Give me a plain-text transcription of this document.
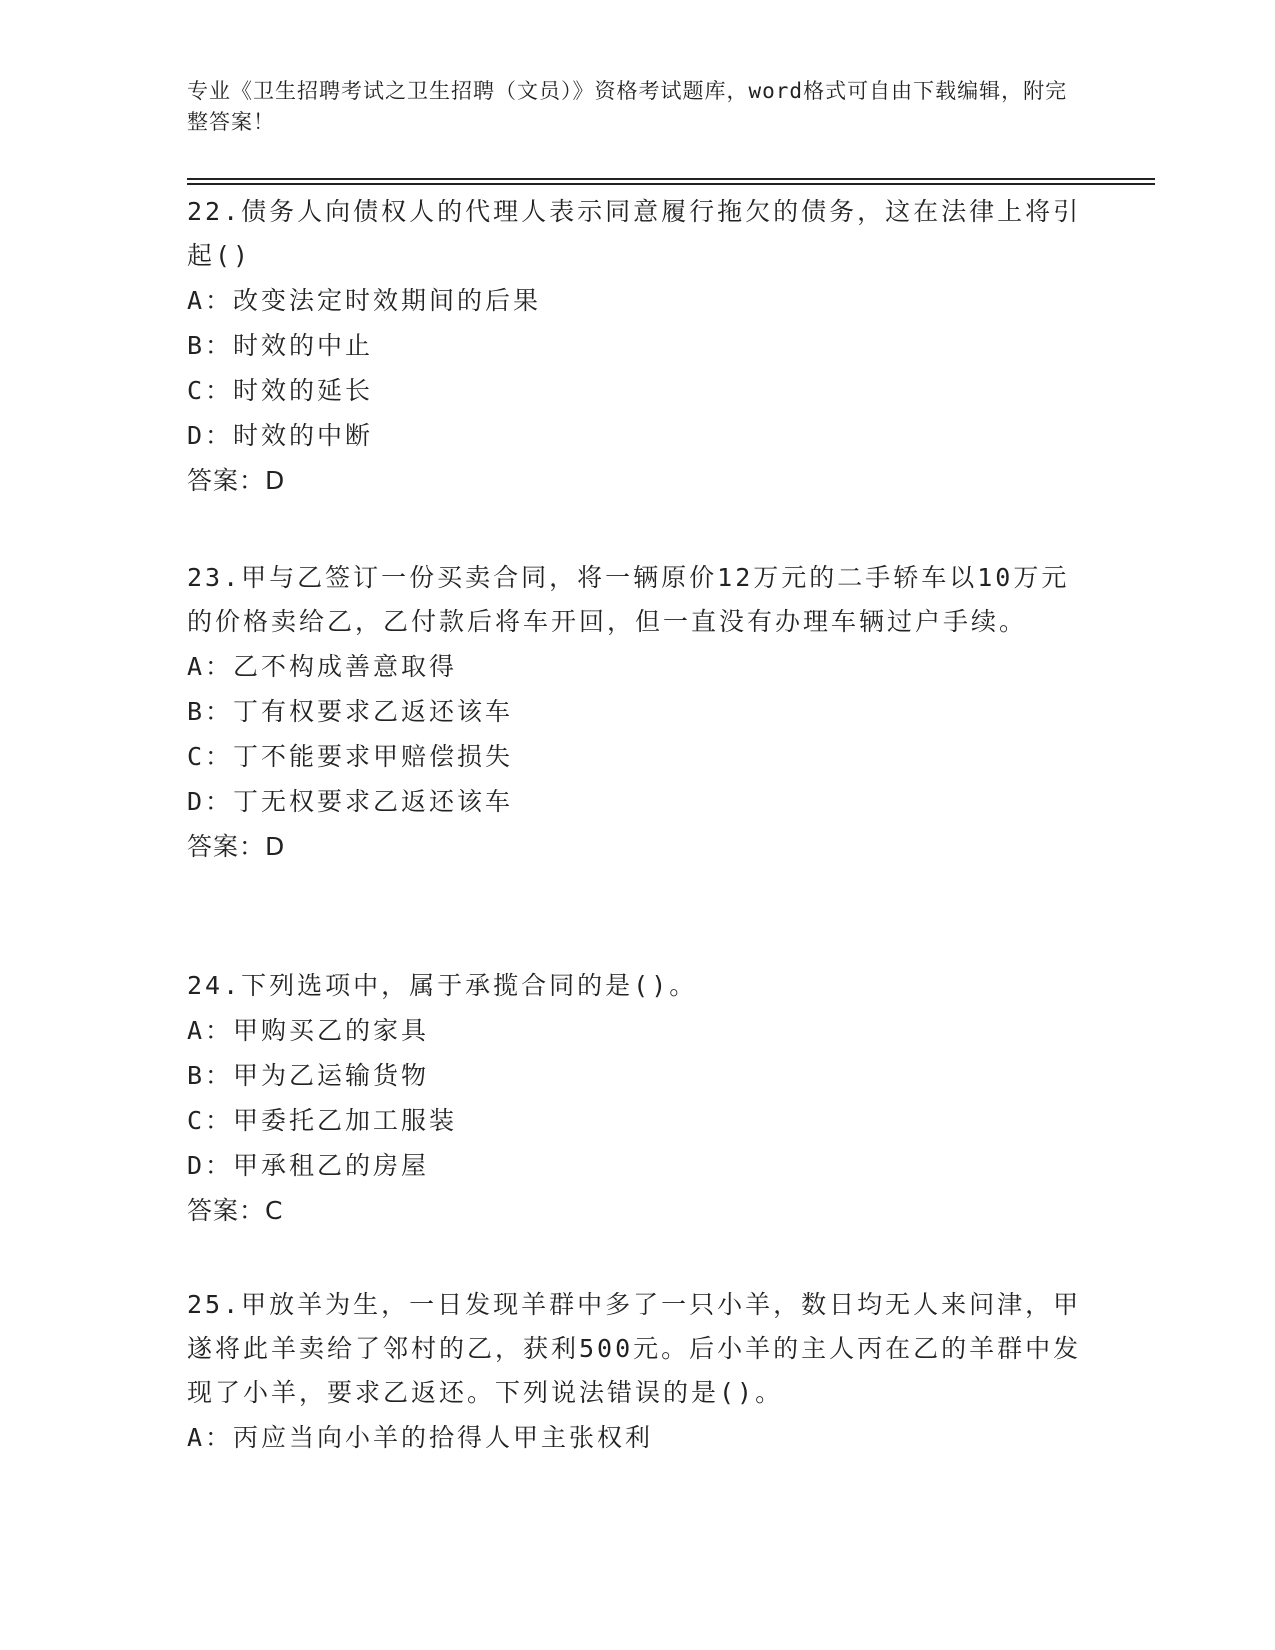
专业《卫生招聘考试之卫生招聘（文员）》资格考试题库，word格式可自由下载编辑，附完整答案！
22.债务人向债权人的代理人表示同意履行拖欠的债务，这在法律上将引起()
A：改变法定时效期间的后果
B：时效的中止
C：时效的延长
D：时效的中断
答案：D
23.甲与乙签订一份买卖合同，将一辆原价12万元的二手轿车以10万元的价格卖给乙，乙付款后将车开回，但一直没有办理车辆过户手续。
A：乙不构成善意取得
B：丁有权要求乙返还该车
C：丁不能要求甲赔偿损失
D：丁无权要求乙返还该车
答案：D
24.下列选项中，属于承揽合同的是()。
A：甲购买乙的家具
B：甲为乙运输货物
C：甲委托乙加工服装
D：甲承租乙的房屋
答案：C
25.甲放羊为生，一日发现羊群中多了一只小羊，数日均无人来问津，甲遂将此羊卖给了邻村的乙，获利500元。后小羊的主人丙在乙的羊群中发现了小羊，要求乙返还。下列说法错误的是()。
A：丙应当向小羊的拾得人甲主张权利
